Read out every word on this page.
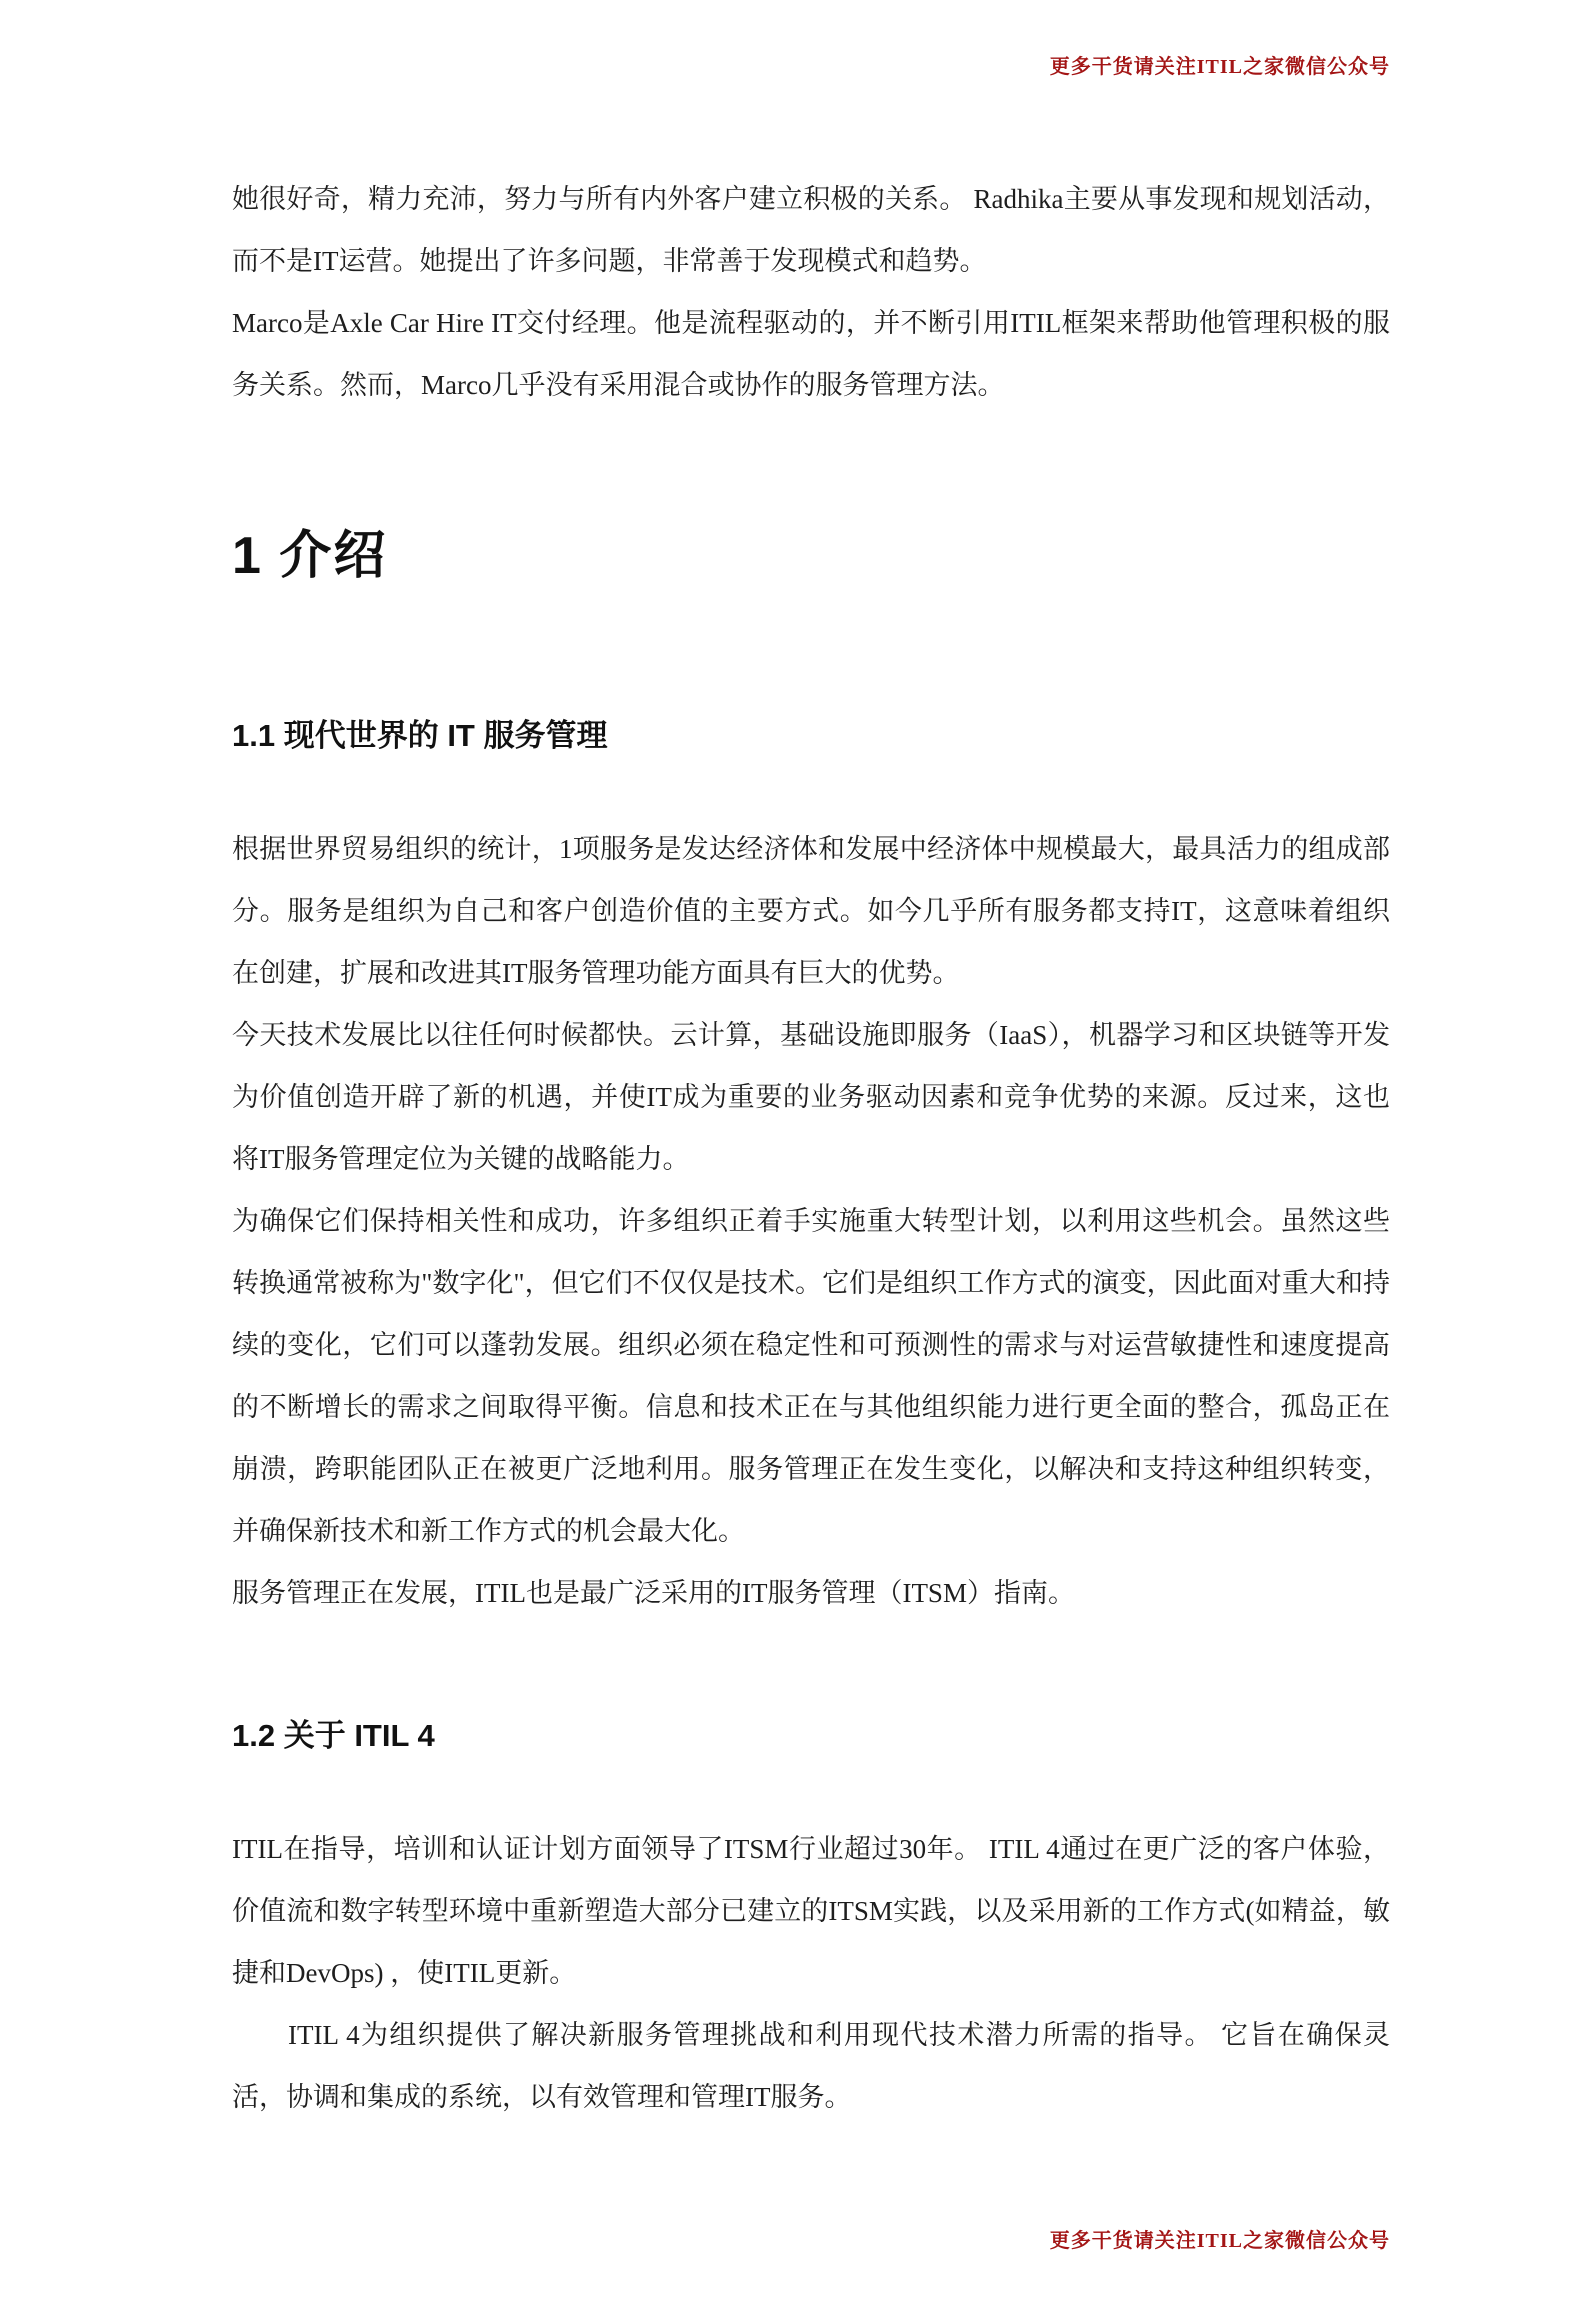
更多干货请关注ITIL之家微信公众号

她很好奇，精力充沛，努力与所有内外客户建立积极的关系。 Radhika主要从事发现和规划活动，而不是IT运营。她提出了许多问题，非常善于发现模式和趋势。

Marco是Axle Car Hire IT交付经理。他是流程驱动的，并不断引用ITIL框架来帮助他管理积极的服务关系。然而，Marco几乎没有采用混合或协作的服务管理方法。

1 介绍
1.1 现代世界的 IT 服务管理

根据世界贸易组织的统计，1项服务是发达经济体和发展中经济体中规模最大，最具活力的组成部分。服务是组织为自己和客户创造价值的主要方式。如今几乎所有服务都支持IT，这意味着组织在创建，扩展和改进其IT服务管理功能方面具有巨大的优势。

今天技术发展比以往任何时候都快。云计算，基础设施即服务（IaaS），机器学习和区块链等开发为价值创造开辟了新的机遇，并使IT成为重要的业务驱动因素和竞争优势的来源。反过来，这也将IT服务管理定位为关键的战略能力。

为确保它们保持相关性和成功，许多组织正着手实施重大转型计划，以利用这些机会。虽然这些转换通常被称为"数字化"，但它们不仅仅是技术。它们是组织工作方式的演变，因此面对重大和持续的变化，它们可以蓬勃发展。组织必须在稳定性和可预测性的需求与对运营敏捷性和速度提高的不断增长的需求之间取得平衡。信息和技术正在与其他组织能力进行更全面的整合，孤岛正在崩溃，跨职能团队正在被更广泛地利用。服务管理正在发生变化，以解决和支持这种组织转变，并确保新技术和新工作方式的机会最大化。

服务管理正在发展，ITIL也是最广泛采用的IT服务管理（ITSM）指南。

1.2 关于 ITIL 4

ITIL在指导，培训和认证计划方面领导了ITSM行业超过30年。 ITIL 4通过在更广泛的客户体验，价值流和数字转型环境中重新塑造大部分已建立的ITSM实践，以及采用新的工作方式(如精益，敏捷和DevOps) ，使ITIL更新。

ITIL 4为组织提供了解决新服务管理挑战和利用现代技术潜力所需的指导。 它旨在确保灵活，协调和集成的系统，以有效管理和管理IT服务。

更多干货请关注ITIL之家微信公众号
